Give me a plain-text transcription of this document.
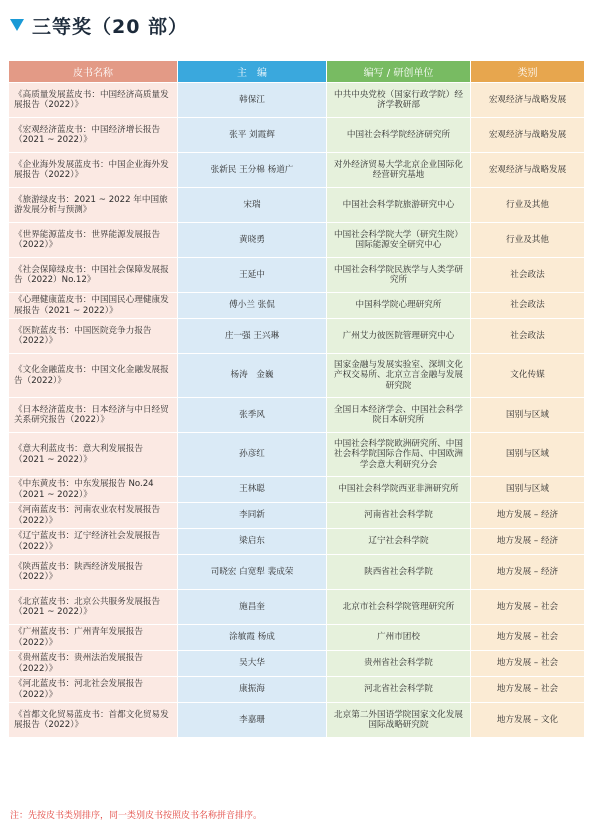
三等奖（20 部）
皮书名称	主　编	编写 / 研创单位	类别
《高质量发展蓝皮书：中国经济高质量发展报告（2022）》	韩保江	中共中央党校（国家行政学院）经济学教研部	宏观经济与战略发展
《宏观经济蓝皮书：中国经济增长报告（2021 ~ 2022）》	张平 刘霞辉	中国社会科学院经济研究所	宏观经济与战略发展
《企业海外发展蓝皮书：中国企业海外发展报告（2022）》	张新民 王分棉 杨道广	对外经济贸易大学北京企业国际化经营研究基地	宏观经济与战略发展
《旅游绿皮书：2021 ~ 2022 年中国旅游发展分析与预测》	宋瑞	中国社会科学院旅游研究中心	行业及其他
《世界能源蓝皮书：世界能源发展报告（2022）》	黄晓勇	中国社会科学院大学（研究生院）国际能源安全研究中心	行业及其他
《社会保障绿皮书：中国社会保障发展报告（2022）No.12》	王延中	中国社会科学院民族学与人类学研究所	社会政法
《心理健康蓝皮书：中国国民心理健康发展报告（2021 ~ 2022）》	傅小兰 张侃	中国科学院心理研究所	社会政法
《医院蓝皮书：中国医院竞争力报告（2022）》	庄一强 王兴琳	广州艾力彼医院管理研究中心	社会政法
《文化金融蓝皮书：中国文化金融发展报告（2022）》	杨涛　金巍	国家金融与发展实验室、深圳文化产权交易所、北京立言金融与发展研究院	文化传媒
《日本经济蓝皮书：日本经济与中日经贸关系研究报告（2022）》	张季风	全国日本经济学会、中国社会科学院日本研究所	国别与区域
《意大利蓝皮书：意大利发展报告（2021 ~ 2022）》	孙彦红	中国社会科学院欧洲研究所、中国社会科学院国际合作局、中国欧洲学会意大利研究分会	国别与区域
《中东黄皮书：中东发展报告 No.24（2021 ~ 2022）》	王林聪	中国社会科学院西亚非洲研究所	国别与区域
《河南蓝皮书：河南农业农村发展报告（2022）》	李同新	河南省社会科学院	地方发展 – 经济
《辽宁蓝皮书：辽宁经济社会发展报告（2022）》	梁启东	辽宁社会科学院	地方发展 – 经济
《陕西蓝皮书：陕西经济发展报告（2022）》	司晓宏 白宽犁 裴成荣	陕西省社会科学院	地方发展 – 经济
《北京蓝皮书：北京公共服务发展报告（2021 ~ 2022）》	施昌奎	北京市社会科学院管理研究所	地方发展 – 社会
《广州蓝皮书：广州青年发展报告（2022）》	涂敏霞 杨成	广州市团校	地方发展 – 社会
《贵州蓝皮书：贵州法治发展报告（2022）》	吴大华	贵州省社会科学院	地方发展 – 社会
《河北蓝皮书：河北社会发展报告（2022）》	康振海	河北省社会科学院	地方发展 – 社会
《首都文化贸易蓝皮书：首都文化贸易发展报告（2022）》	李嘉珊	北京第二外国语学院国家文化发展国际战略研究院	地方发展 – 文化
注：先按皮书类别排序，同一类别皮书按照皮书名称拼音排序。
